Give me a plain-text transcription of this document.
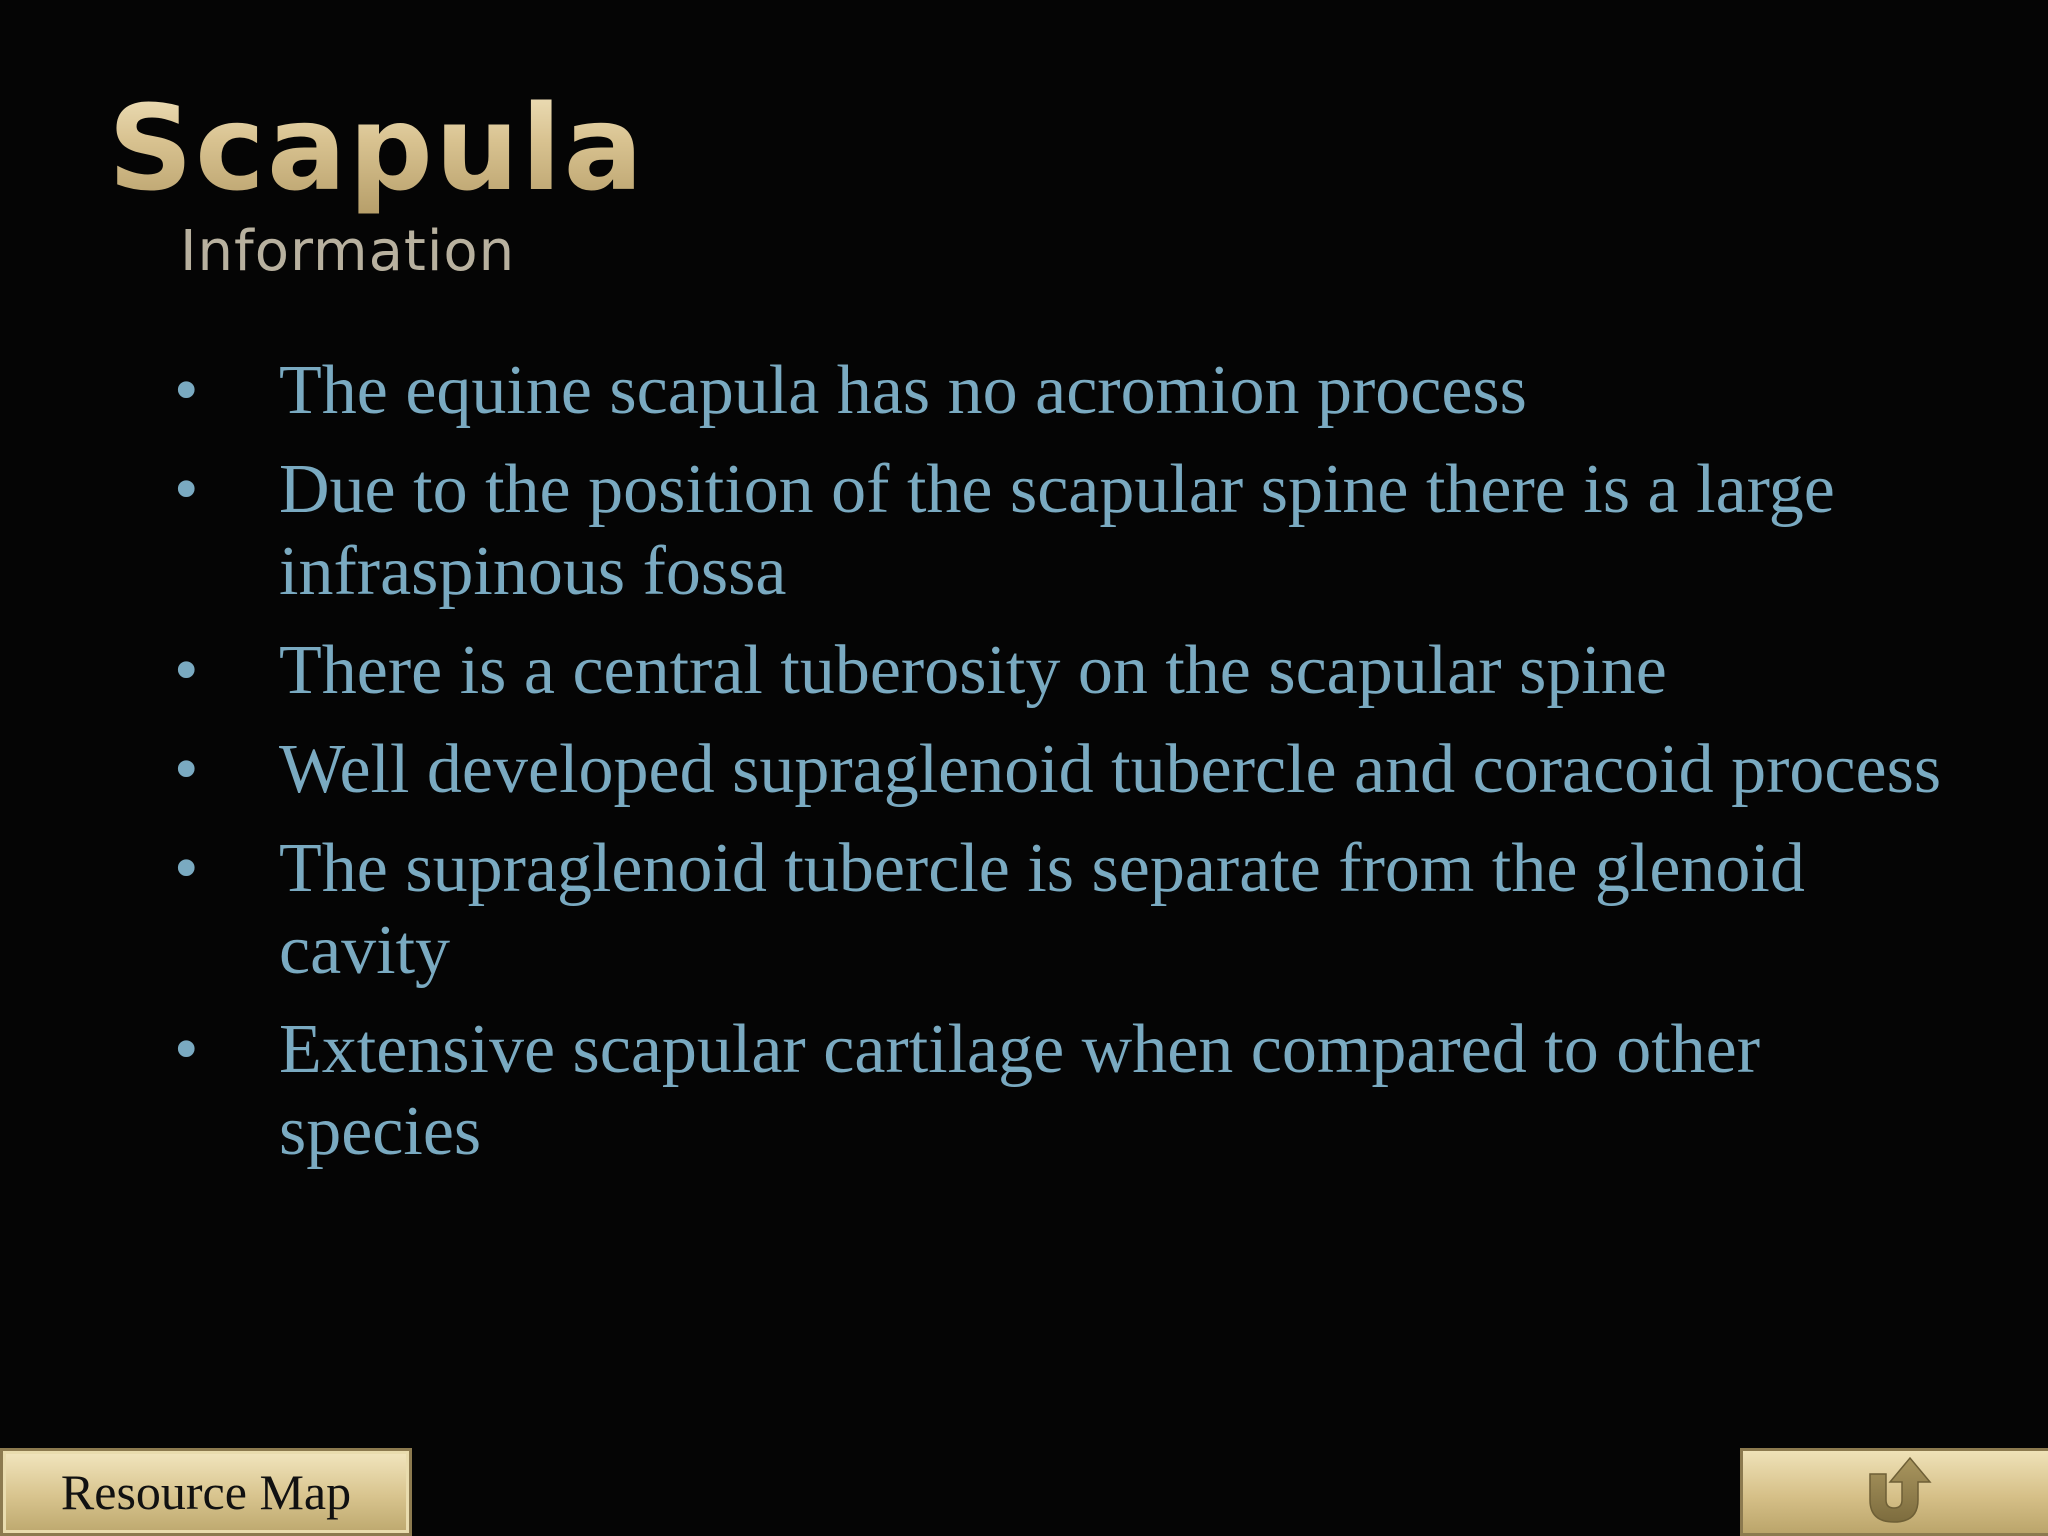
Scapula
Information
• The equine scapula has no acromion process
• Due to the position of the scapular spine there is a large infraspinous fossa
• There is a central tuberosity on the scapular spine
• Well developed supraglenoid tubercle and coracoid process
• The supraglenoid tubercle is separate from the glenoid cavity
• Extensive scapular cartilage when compared to other species
Resource Map
